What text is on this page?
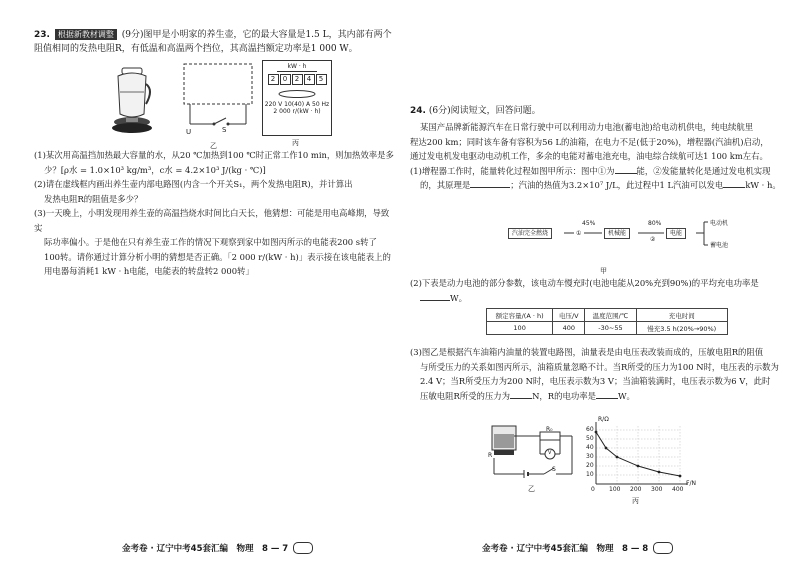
23. 根据新教材调整 (9分)图甲是小明家的养生壶，它的最大容量是1.5 L，其内部有两个阻值相同的发热电阻R，有低温和高温两个挡位，其高温挡额定功率是1 000 W。
U	S
乙
kW · h
2	0	2	4	5
220 V 10(40) A 50 Hz
2 000 r/(kW · h)
丙

(1)某次用高温挡加热最大容量的水，从20 ℃加热到100 ℃时正常工作10 min，则加热效率是多

少？[ρ水 = 1.0×10³ kg/m³，c水 = 4.2×10³ J/(kg · ℃)]

(2)请在虚线框内画出养生壶内部电路图(内含一个开关S₁，两个发热电阻R)，并计算出

发热电阻R的阻值是多少？

(3)一天晚上，小明发现用养生壶的高温挡烧水时间比白天长，他猜想：可能是用电高峰期，导致实

际功率偏小。于是他在只有养生壶工作的情况下观察到家中如图丙所示的电能表200 s转了

100转。请你通过计算分析小明的猜想是否正确。「2 000 r/(kW · h)」表示接在该电能表上的

用电器每消耗1 kW · h电能，电能表的转盘转2 000转」

金考卷 · 辽宁中考45套汇编　物理　8 — 7
24. (6分)阅读短文，回答问题。

某国产品牌新能源汽车在日常行驶中可以利用动力电池(蓄电池)给电动机供电，纯电续航里

程达200 km；同时该车备有容积为56 L的油箱，在电力不足(低于20%)，增程器(汽油机)启动，

通过发电机发电驱动电动机工作，多余的电能对蓄电池充电，油电综合续航可达1 100 km左右。

(1)增程器工作时，能量转化过程如图甲所示：图中①为	能，②发能量转化是通过发电机实现

的，其原理是	；汽油的热值为3.2×10⁷ J/L，此过程中1 L汽油可以发电	kW · h。

汽油完全燃烧	①
45%
机械能
80%
②
电能
电动机
蓄电池
甲

(2)下表是动力电池的部分参数，该电动车慢充时(电池电能从20%充到90%)的平均充电功率是

W。

额定容量/(A · h)	电压/V	温度范围/℃	充电时间
100	400	-30~55	慢充3.5 h(20%→90%)

(3)图乙是根据汽车油箱内油量的装置电路图，油量表是由电压表改装而成的，压敏电阻R的阻值

与所受压力的关系如图丙所示，油箱质量忽略不计。当R所受的压力为100 N时，电压表的示数为

2.4 V；当R所受压力为200 N时，电压表示数为3 V；当油箱装满时，电压表示数为6 V，此时

压敏电阻R所受的压力为	N，R的电功率是	W。

R₀
R	V
S
乙
R/Ω
F/N
60
50
40
30
20
10
0 100 200 300 400
丙
金考卷 · 辽宁中考45套汇编　物理　8 — 8
